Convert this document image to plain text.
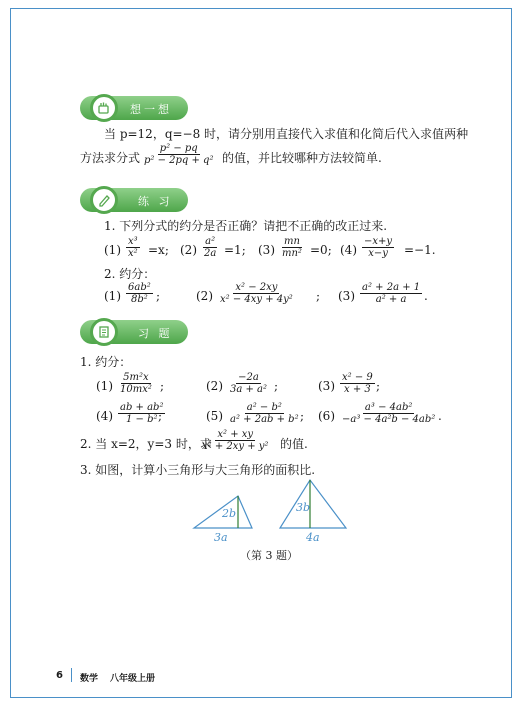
想一想
当 p=12，q=−8 时，请分别用直接代入求值和化简后代入求值两种
方法求分式 $\frac{\text{p² − pq}}{\text{p² − 2pq + q²}}$ 的值，并比较哪种方法较简单.
练 习
1. 下列分式的约分是否正确？请把不正确的改正过来.
$(1) \frac{\text{x³}}{\text{x²}} =x$; $(2) \frac{\text{a²}}{2a} =1$; $(3) \frac{mn}{\text{mn²}} =0$; $(4) \frac{-x+y}{x-y} =-1$.
2. 约分：
$(1) \frac{\text{6ab²}}{\text{8b²}}$ ;	$(2) \frac{\text{x² − 2xy}}{\text{x² − 4xy + 4y²}}$ ; $(3) \frac{\text{a² + 2a + 1}}{\text{a² + a}}$ .
习 题
1. 约分：
$(1) \frac{\text{5m²x}}{\text{10mx²}}$ ;	$(2) \frac{-2a}{\text{3a + a²}}$ ;	$(3) \frac{\text{x² − 9}}{x + 3}$ ;
$(4) \frac{\text{ab + ab²}}{\text{1 − b²}}$
;	$(5) \frac{\text{a² − b²}}{\text{a² + 2ab + b²}}$ ; $(6) \frac{\text{a³ − 4ab²}}{\text{−a³ − 4a²b − 4ab²}}$ .
2. 当 x=2，y=3 时，求
$\frac{\text{x² + xy}}{\text{x² + 2xy + y²}}$ 的值.
3. 如图，计算小三角形与大三角形的面积比.
2b
3a
3b
4a
（第 3 题）
6 数学 八年级上册
